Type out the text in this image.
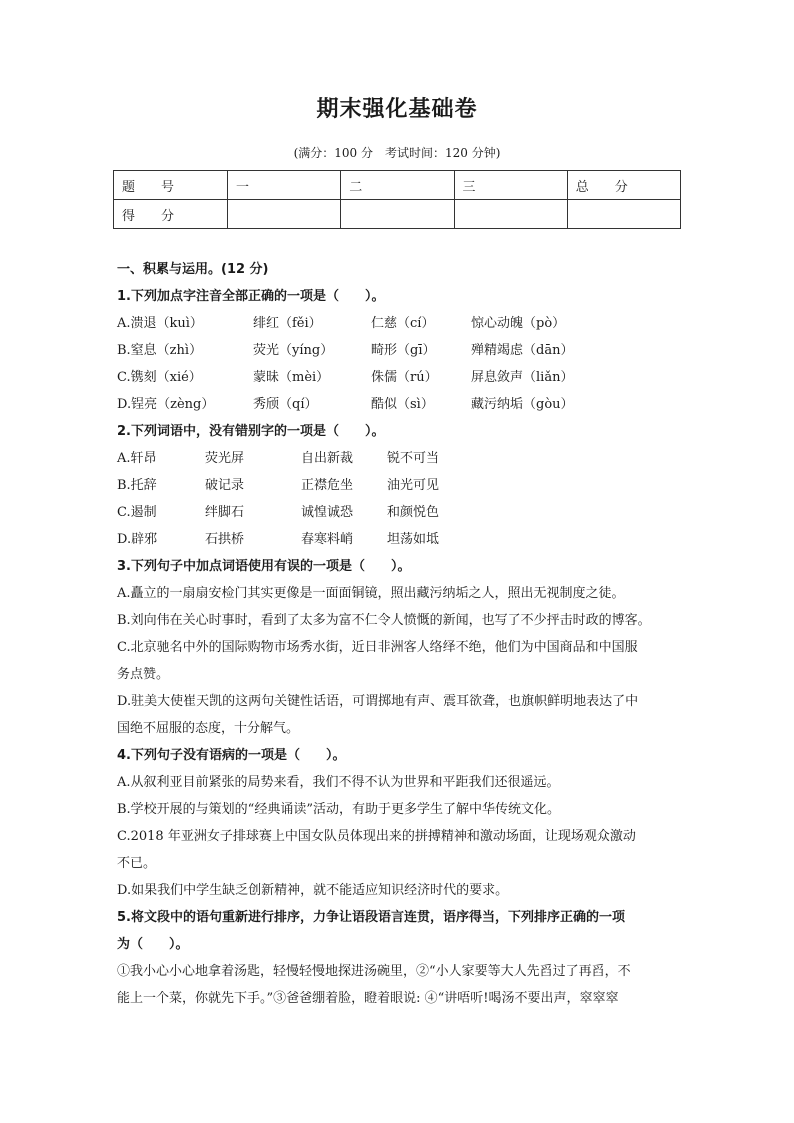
期末强化基础卷
(满分：100 分　考试时间：120 分钟)
题　　号	一	二	三	总　　分
得　　分				
一、积累与运用。(12 分)
1.下列加点字注音全部正确的一项是（　　）。
A.溃退（kuì）	绯红（fěi）	仁慈（cí）	惊心动魄（pò）
B.窒息（zhì）	荧光（yíng）	畸形（gī）	殚精竭虑（dān）
C.镌刻（xié）	蒙昧（mèi）	侏儒（rú）	屏息敛声（liǎn）
D.锃亮（zèng）	秀颀（qí）	酷似（sì）	藏污纳垢（gòu）
2.下列词语中，没有错别字的一项是（　　）。
A.轩昂	荧光屏	自出新裁	锐不可当
B.托辞	破记录	正襟危坐	油光可见
C.遏制	绊脚石	诚惶诚恐	和颜悦色
D.辟邪	石拱桥	春寒料峭	坦荡如坻
3.下列句子中加点词语使用有误的一项是（　　）。
A.矗立的一扇扇安检门其实更像是一面面铜镜，照出藏污纳垢之人，照出无视制度之徒。
B.刘向伟在关心时事时，看到了太多为富不仁令人愤慨的新闻，也写了不少抨击时政的博客。
C.北京驰名中外的国际购物市场秀水街，近日非洲客人络绎不绝，他们为中国商品和中国服
务点赞。
D.驻美大使崔天凯的这两句关键性话语，可谓掷地有声、震耳欲聋，也旗帜鲜明地表达了中
国绝不屈服的态度，十分解气。
4.下列句子没有语病的一项是（　　）。
A.从叙利亚目前紧张的局势来看，我们不得不认为世界和平距我们还很遥远。
B.学校开展的与策划的“经典诵读”活动，有助于更多学生了解中华传统文化。
C.2018 年亚洲女子排球赛上中国女队员体现出来的拼搏精神和激动场面，让现场观众激动
不已。
D.如果我们中学生缺乏创新精神，就不能适应知识经济时代的要求。
5.将文段中的语句重新进行排序，力争让语段语言连贯，语序得当，下列排序正确的一项
为（　　）。
①我小心小心地拿着汤匙，轻慢轻慢地探进汤碗里，②“小人家要等大人先舀过了再舀，不
能上一个菜，你就先下手。”③爸爸绷着脸，瞪着眼说: ④“讲唔听!喝汤不要出声，窣窣窣
